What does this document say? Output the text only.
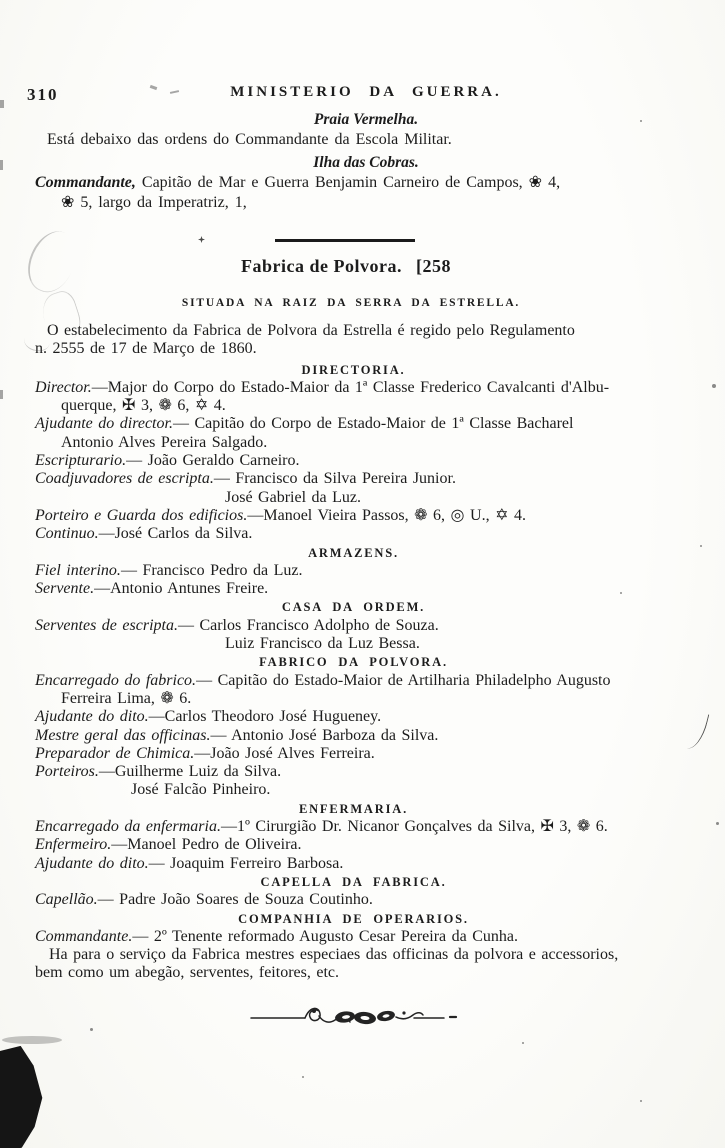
310	MINISTERIO DA GUERRA.
Praia Vermelha.
Está debaixo das ordens do Commandante da Escola Militar.
Ilha das Cobras.
Commandante, Capitão de Mar e Guerra Benjamin Carneiro de Campos, ❀ 4,
❀ 5, largo da Imperatriz, 1,
Fabrica de Polvora. [258
SITUADA NA RAIZ DA SERRA DA ESTRELLA.
O estabelecimento da Fabrica de Polvora da Estrella é regido pelo Regulamento
n. 2555 de 17 de Março de 1860.
DIRECTORIA.
Director.—Major do Corpo do Estado-Maior da 1ª Classe Frederico Cavalcanti d'Albu-
querque, ✠ 3, ❁ 6, ✡ 4.
Ajudante do director.— Capitão do Corpo de Estado-Maior de 1ª Classe Bacharel
Antonio Alves Pereira Salgado.
Escripturario.— João Geraldo Carneiro.
Coadjuvadores de escripta.— Francisco da Silva Pereira Junior.
José Gabriel da Luz.
Porteiro e Guarda dos edificios.—Manoel Vieira Passos, ❁ 6, ◎ U., ✡ 4.
Continuo.—José Carlos da Silva.
ARMAZENS.
Fiel interino.— Francisco Pedro da Luz.
Servente.—Antonio Antunes Freire.
CASA DA ORDEM.
Serventes de escripta.— Carlos Francisco Adolpho de Souza.
Luiz Francisco da Luz Bessa.
FABRICO DA POLVORA.
Encarregado do fabrico.— Capitão do Estado-Maior de Artilharia Philadelpho Augusto
Ferreira Lima, ❁ 6.
Ajudante do dito.—Carlos Theodoro José Hugueney.
Mestre geral das officinas.— Antonio José Barboza da Silva.
Preparador de Chimica.—João José Alves Ferreira.
Porteiros.—Guilherme Luiz da Silva.
José Falcão Pinheiro.
ENFERMARIA.
Encarregado da enfermaria.—1º Cirurgião Dr. Nicanor Gonçalves da Silva, ✠ 3, ❁ 6.
Enfermeiro.—Manoel Pedro de Oliveira.
Ajudante do dito.— Joaquim Ferreiro Barbosa.
CAPELLA DA FABRICA.
Capellão.— Padre João Soares de Souza Coutinho.
COMPANHIA DE OPERARIOS.
Commandante.— 2º Tenente reformado Augusto Cesar Pereira da Cunha.
Ha para o serviço da Fabrica mestres especiaes das officinas da polvora e accessorios,
bem como um abegão, serventes, feitores, etc.
